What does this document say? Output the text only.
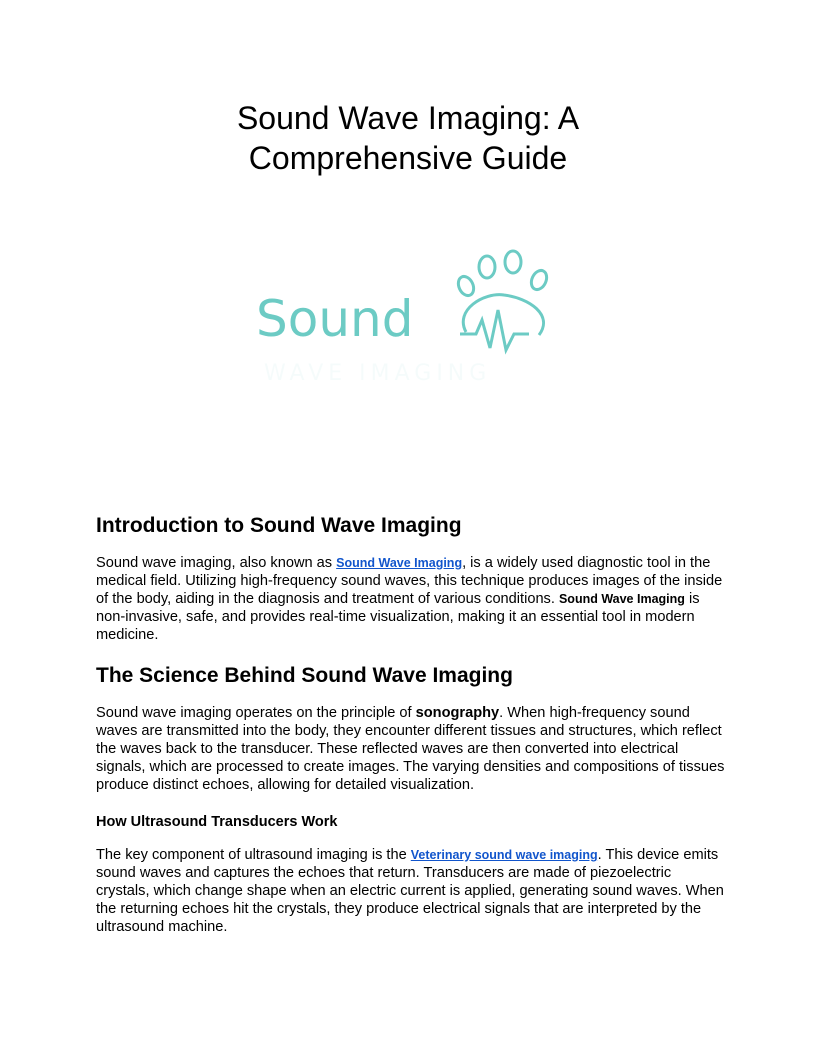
Sound Wave Imaging: A
Comprehensive Guide
Sound
WAVE IMAGING
Introduction to Sound Wave Imaging

Sound wave imaging, also known as Sound Wave Imaging, is a widely used diagnostic tool in the medical field. Utilizing high-frequency sound waves, this technique produces images of the inside of the body, aiding in the diagnosis and treatment of various conditions. Sound Wave Imaging is non-invasive, safe, and provides real-time visualization, making it an essential tool in modern medicine.

The Science Behind Sound Wave Imaging

Sound wave imaging operates on the principle of sonography. When high-frequency sound waves are transmitted into the body, they encounter different tissues and structures, which reflect the waves back to the transducer. These reflected waves are then converted into electrical signals, which are processed to create images. The varying densities and compositions of tissues produce distinct echoes, allowing for detailed visualization.

How Ultrasound Transducers Work

The key component of ultrasound imaging is the Veterinary sound wave imaging. This device emits sound waves and captures the echoes that return. Transducers are made of piezoelectric crystals, which change shape when an electric current is applied, generating sound waves. When the returning echoes hit the crystals, they produce electrical signals that are interpreted by the ultrasound machine.
